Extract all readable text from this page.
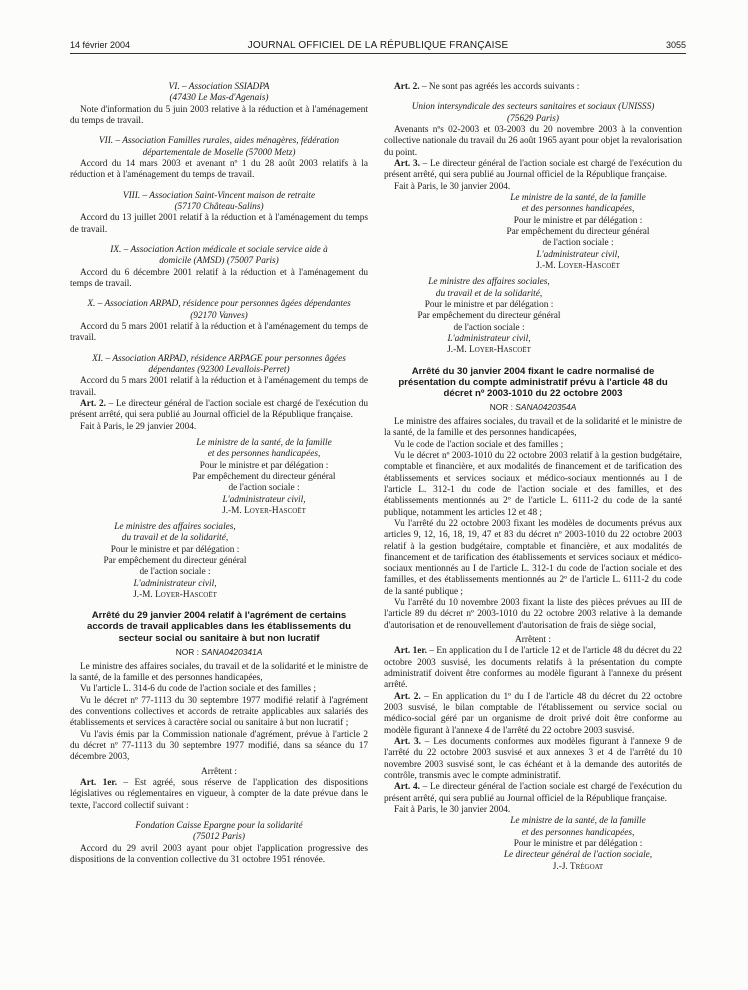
14 février 2004	JOURNAL OFFICIEL DE LA RÉPUBLIQUE FRANÇAISE	3055

VI. – Association SSIADPA

(47430 Le Mas-d'Agenais)

Note d'information du 5 juin 2003 relative à la réduction et à l'aménagement du temps de travail.

VII. – Association Familles rurales, aides ménagères, fédération départementale de Moselle (57000 Metz)

Accord du 14 mars 2003 et avenant nº 1 du 28 août 2003 relatifs à la réduction et à l'aménagement du temps de travail.

VIII. – Association Saint-Vincent maison de retraite

(57170 Château-Salins)

Accord du 13 juillet 2001 relatif à la réduction et à l'aménagement du temps de travail.

IX. – Association Action médicale et sociale service aide à domicile (AMSD) (75007 Paris)

Accord du 6 décembre 2001 relatif à la réduction et à l'aménagement du temps de travail.

X. – Association ARPAD, résidence pour personnes âgées dépendantes (92170 Vanves)

Accord du 5 mars 2001 relatif à la réduction et à l'aménagement du temps de travail.

XI. – Association ARPAD, résidence ARPAGE pour personnes âgées dépendantes (92300 Levallois-Perret)

Accord du 5 mars 2001 relatif à la réduction et à l'aménagement du temps de travail.

Art. 2. – Le directeur général de l'action sociale est chargé de l'exécution du présent arrêté, qui sera publié au Journal officiel de la République française.

Fait à Paris, le 29 janvier 2004.

Le ministre de la santé, de la famille

et des personnes handicapées,

Pour le ministre et par délégation :

Par empêchement du directeur général

de l'action sociale :

L'administrateur civil,

J.-M. Loyer-Hascoët

Le ministre des affaires sociales,

du travail et de la solidarité,

Pour le ministre et par délégation :

Par empêchement du directeur général

de l'action sociale :

L'administrateur civil,

J.-M. Loyer-Hascoët

Arrêté du 29 janvier 2004 relatif à l'agrément de certains accords de travail applicables dans les établissements du secteur social ou sanitaire à but non lucratif

NOR : SANA0420341A

Le ministre des affaires sociales, du travail et de la solidarité et le ministre de la santé, de la famille et des personnes handicapées,

Vu l'article L. 314-6 du code de l'action sociale et des familles ;

Vu le décret nº 77-1113 du 30 septembre 1977 modifié relatif à l'agrément des conventions collectives et accords de retraite applicables aux salariés des établissements et services à caractère social ou sanitaire à but non lucratif ;

Vu l'avis émis par la Commission nationale d'agrément, prévue à l'article 2 du décret nº 77-1113 du 30 septembre 1977 modifié, dans sa séance du 17 décembre 2003,

Arrêtent :

Art. 1er. – Est agréé, sous réserve de l'application des dispositions législatives ou réglementaires en vigueur, à compter de la date prévue dans le texte, l'accord collectif suivant :

Fondation Caisse Epargne pour la solidarité

(75012 Paris)

Accord du 29 avril 2003 ayant pour objet l'application progressive des dispositions de la convention collective du 31 octobre 1951 rénovée.

Art. 2. – Ne sont pas agréés les accords suivants :

Union intersyndicale des secteurs sanitaires et sociaux (UNISSS)

(75629 Paris)

Avenants nºs 02-2003 et 03-2003 du 20 novembre 2003 à la convention collective nationale du travail du 26 août 1965 ayant pour objet la revalorisation du point.

Art. 3. – Le directeur général de l'action sociale est chargé de l'exécution du présent arrêté, qui sera publié au Journal officiel de la République française.

Fait à Paris, le 30 janvier 2004.

Le ministre de la santé, de la famille

et des personnes handicapées,

Pour le ministre et par délégation :

Par empêchement du directeur général

de l'action sociale :

L'administrateur civil,

J.-M. Loyer-Hascoët

Le ministre des affaires sociales,

du travail et de la solidarité,

Pour le ministre et par délégation :

Par empêchement du directeur général

de l'action sociale :

L'administrateur civil,

J.-M. Loyer-Hascoët

Arrêté du 30 janvier 2004 fixant le cadre normalisé de présentation du compte administratif prévu à l'article 48 du décret nº 2003-1010 du 22 octobre 2003

NOR : SANA0420354A

Le ministre des affaires sociales, du travail et de la solidarité et le ministre de la santé, de la famille et des personnes handicapées,

Vu le code de l'action sociale et des familles ;

Vu le décret nº 2003-1010 du 22 octobre 2003 relatif à la gestion budgétaire, comptable et financière, et aux modalités de financement et de tarification des établissements et services sociaux et médico-sociaux mentionnés au I de l'article L. 312-1 du code de l'action sociale et des familles, et des établissements mentionnés au 2º de l'article L. 6111-2 du code de la santé publique, notamment les articles 12 et 48 ;

Vu l'arrêté du 22 octobre 2003 fixant les modèles de documents prévus aux articles 9, 12, 16, 18, 19, 47 et 83 du décret nº 2003-1010 du 22 octobre 2003 relatif à la gestion budgétaire, comptable et financière, et aux modalités de financement et de tarification des établissements et services sociaux et médico-sociaux mentionnés au I de l'article L. 312-1 du code de l'action sociale et des familles, et des établissements mentionnés au 2º de l'article L. 6111-2 du code de la santé publique ;

Vu l'arrêté du 10 novembre 2003 fixant la liste des pièces prévues au III de l'article 89 du décret nº 2003-1010 du 22 octobre 2003 relative à la demande d'autorisation et de renouvellement d'autorisation de frais de siège social,

Arrêtent :

Art. 1er. – En application du I de l'article 12 et de l'article 48 du décret du 22 octobre 2003 susvisé, les documents relatifs à la présentation du compte administratif doivent être conformes au modèle figurant à l'annexe du présent arrêté.

Art. 2. – En application du 1º du I de l'article 48 du décret du 22 octobre 2003 susvisé, le bilan comptable de l'établissement ou service social ou médico-social géré par un organisme de droit privé doit être conforme au modèle figurant à l'annexe 4 de l'arrêté du 22 octobre 2003 susvisé.

Art. 3. – Les documents conformes aux modèles figurant à l'annexe 9 de l'arrêté du 22 octobre 2003 susvisé et aux annexes 3 et 4 de l'arrêté du 10 novembre 2003 susvisé sont, le cas échéant et à la demande des autorités de contrôle, transmis avec le compte administratif.

Art. 4. – Le directeur général de l'action sociale est chargé de l'exécution du présent arrêté, qui sera publié au Journal officiel de la République française.

Fait à Paris, le 30 janvier 2004.

Le ministre de la santé, de la famille

et des personnes handicapées,

Pour le ministre et par délégation :

Le directeur général de l'action sociale,

J.-J. Trégoat
